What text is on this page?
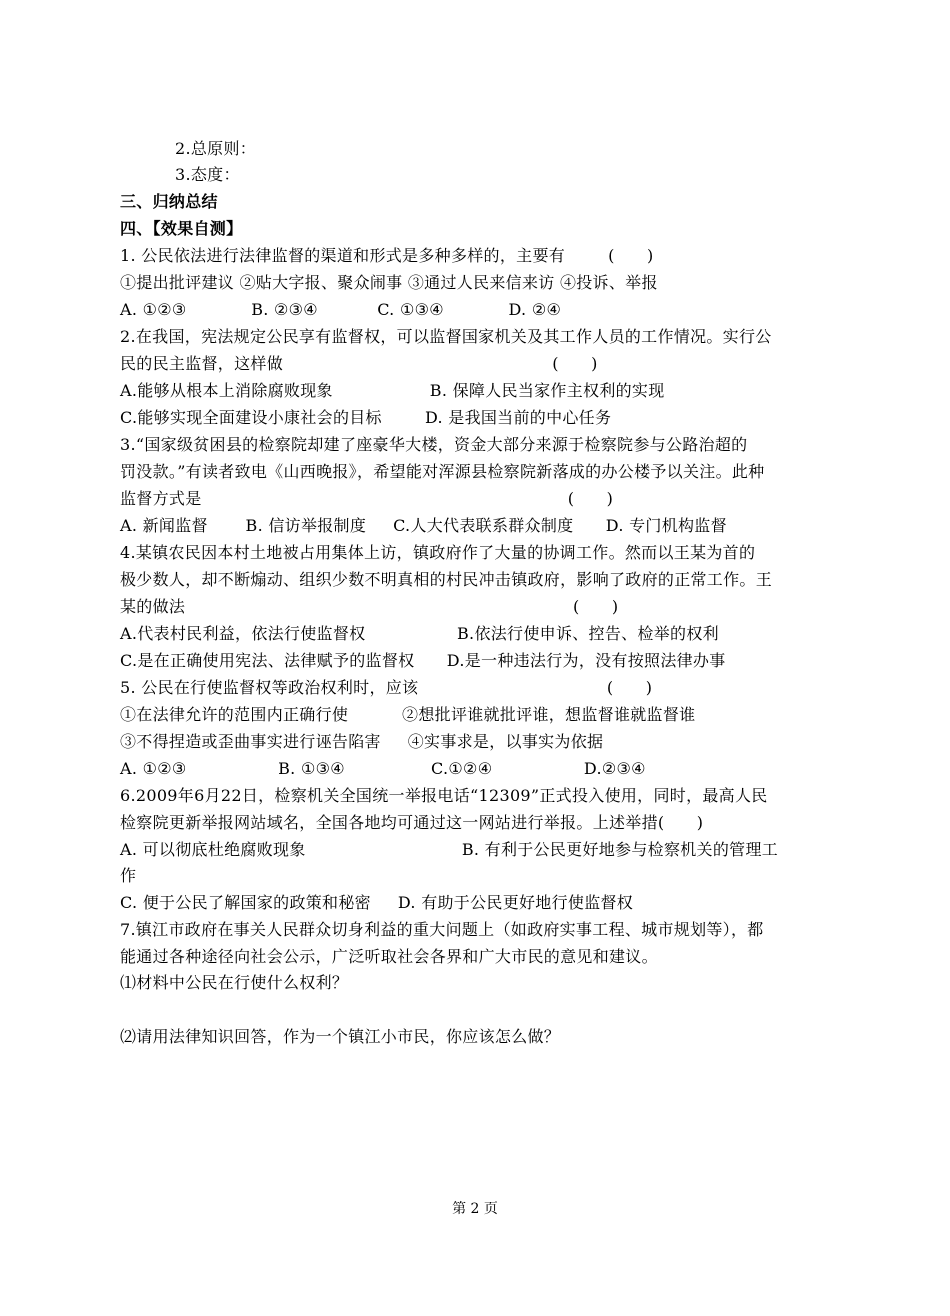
2.总原则：
3.态度：
三、归纳总结
四、【效果自测】
1. 公民依法进行法律监督的渠道和形式是多种多样的，主要有        (      )
①提出批评建议 ②贴大字报、聚众闹事 ③通过人民来信来访 ④投诉、举报
A. ①②③            B. ②③④           C. ①③④            D. ②④
2.在我国，宪法规定公民享有监督权，可以监督国家机关及其工作人员的工作情况。实行公
民的民主监督，这样做                                                  (      )
A.能够从根本上消除腐败现象                  B. 保障人民当家作主权利的实现
C.能够实现全面建设小康社会的目标        D. 是我国当前的中心任务
3.“国家级贫困县的检察院却建了座豪华大楼，资金大部分来源于检察院参与公路治超的
罚没款。”有读者致电《山西晚报》，希望能对浑源县检察院新落成的办公楼予以关注。此种
监督方式是                                                                    (      )
A. 新闻监督       B. 信访举报制度     C.人大代表联系群众制度      D. 专门机构监督
4.某镇农民因本村土地被占用集体上访，镇政府作了大量的协调工作。然而以王某为首的
极少数人，却不断煽动、组织少数不明真相的村民冲击镇政府，影响了政府的正常工作。王
某的做法                                                                        (      )
A.代表村民利益，依法行使监督权                 B.依法行使申诉、控告、检举的权利
C.是在正确使用宪法、法律赋予的监督权      D.是一种违法行为，没有按照法律办事
5. 公民在行使监督权等政治权利时，应该                                   (      )
①在法律允许的范围内正确行使          ②想批评谁就批评谁，想监督谁就监督谁
③不得捏造或歪曲事实进行诬告陷害     ④实事求是，以事实为依据
A. ①②③                 B. ①③④                C.①②④                 D.②③④
6.2009年6月22日，检察机关全国统一举报电话“12309”正式投入使用，同时，最高人民
检察院更新举报网站域名，全国各地均可通过这一网站进行举报。上述举措(      )
A. 可以彻底杜绝腐败现象                             B. 有利于公民更好地参与检察机关的管理工
作
C. 便于公民了解国家的政策和秘密     D. 有助于公民更好地行使监督权
7.镇江市政府在事关人民群众切身利益的重大问题上（如政府实事工程、城市规划等），都
能通过各种途径向社会公示，广泛听取社会各界和广大市民的意见和建议。
⑴材料中公民在行使什么权利？
⑵请用法律知识回答，作为一个镇江小市民，你应该怎么做？
第 2 页
